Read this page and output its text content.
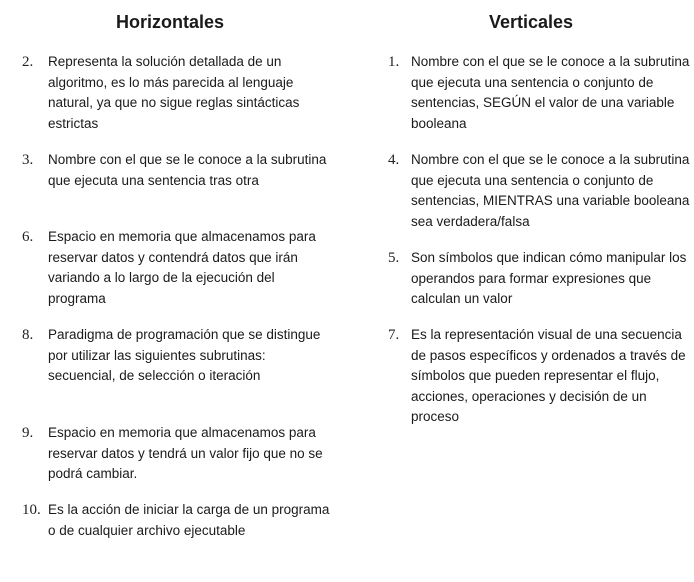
Horizontales
2. Representa la solución detallada de un algoritmo, es lo más parecida al lenguaje natural, ya que no sigue reglas sintácticas estrictas
3. Nombre con el que se le conoce a la subrutina que ejecuta una sentencia tras otra
6. Espacio en memoria que almacenamos para reservar datos y contendrá datos que irán variando a lo largo de la ejecución del programa
8. Paradigma de programación que se distingue por utilizar las siguientes subrutinas: secuencial, de selección o iteración
9. Espacio en memoria que almacenamos para reservar datos y tendrá un valor fijo que no se podrá cambiar.
10. Es la acción de iniciar la carga de un programa o de cualquier archivo ejecutable
Verticales
1. Nombre con el que se le conoce a la subrutina que ejecuta una sentencia o conjunto de sentencias, SEGÚN el valor de una variable booleana
4. Nombre con el que se le conoce a la subrutina que ejecuta una sentencia o conjunto de sentencias, MIENTRAS una variable booleana sea verdadera/falsa
5. Son símbolos que indican cómo manipular los operandos para formar expresiones que calculan un valor
7. Es la representación visual de una secuencia de pasos específicos y ordenados a través de símbolos que pueden representar el flujo, acciones, operaciones y decisión de un proceso
